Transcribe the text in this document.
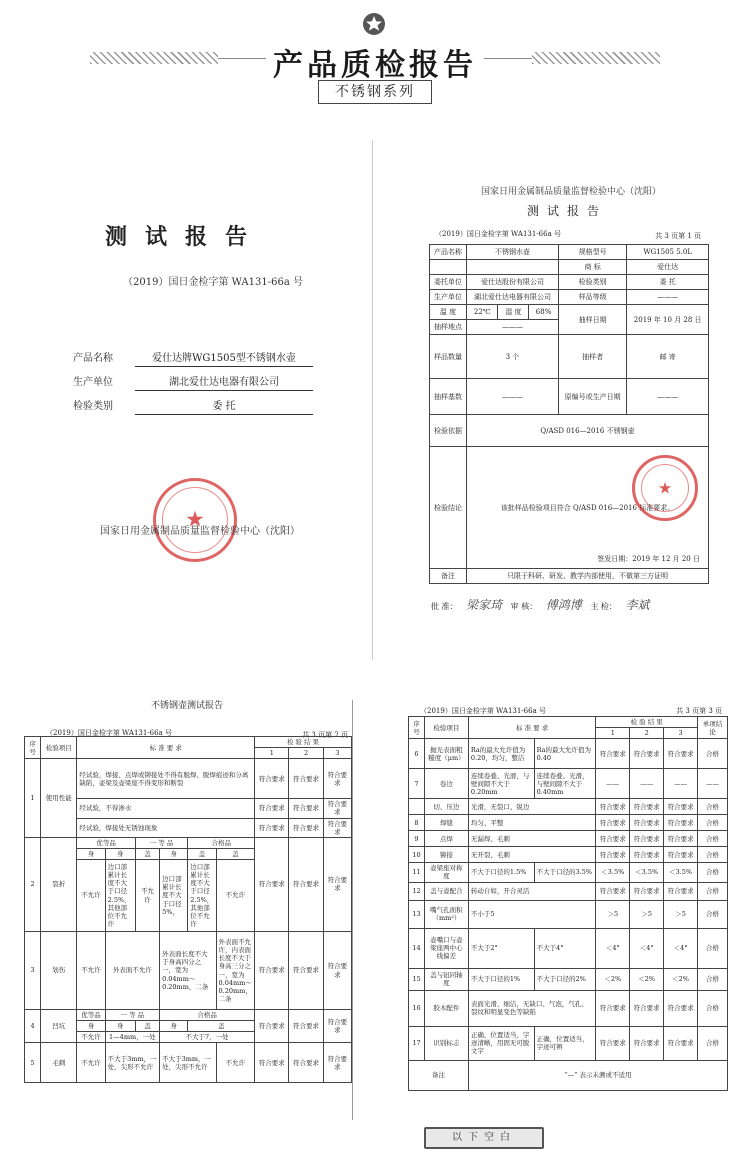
产品质检报告
不锈钢系列
测试报告
（2019）国日金检字第 WA131-66a 号
产品名称	爱仕达牌WG1505型不锈钢水壶
生产单位	湖北爱仕达电器有限公司
检验类别	委 托
★
国家日用金属制品质量监督检验中心（沈阳）
国家日用金属制品质量监督检验中心（沈阳）
测试报告
（2019）国日金检字第 WA131-66a 号	共 3 页第 1 页
产品名称	不锈钢水壶			规格型号	WG1505 5.0L
				商 标	爱仕达
委托单位	爱仕达股份有限公司			检验类别	委 托
生产单位	湖北爱仕达电器有限公司			样品等级	———
温 度	22℃	湿 度	68%	抽样日期	2019 年 10 月 28 日
抽样地点	———				
样品数量	3 个			抽样者	邮 寄
抽样基数	———			原编号或生产日期	———
检验依据	Q/ASD 016—2016 不锈钢壶				
检验结论	该批样品检验项目符合 Q/ASD 016—2016 标准要求。
签发日期：2019 年 12 月 20 日
★				

备注	只限于科研、研发、教学内部使用，不做第三方证明				
批 准： 梁家琦 审 核： 傅鸿博 主 检： 李斌
不锈钢壶测试报告
（2019）国日金检字第 WA131-66a 号	共 3 页第 2 页
序号	检验项目	标 准 要 求						检 验 结 果		
								1	2	3
1	使用性能	经试验，焊接、点焊或铆接处不得有脱焊、脱焊痕迹和分离缺陷，壶梁及壶梁座不得变形和断裂						符合要求	符合要求	符合要求
		经试验，不得渗水						符合要求	符合要求	符合要求
		经试验，焊接处无锈蚀现象						符合要求	符合要求	符合要求
2	裂折	优等品		一 等 品		合格品		符合要求	符合要求	符合要求
		身	身	盖	身	盖	盖			
		不允许	边口部累计长度不大于口径2.5%，其他部位不允许	不允许	边口部累计长度不大于口径5%，	边口部累计长度不大于口径2.5%，其他部位不允许	不允许			
3	划伤	不允许	外表面不允许		外表面长度不大于身高四分之一，宽为0.04mm～0.20mm，二条		外表面不允许，内表面长度不大于身高三分之一，宽为0.04mm～0.20mm，二条	符合要求	符合要求	符合要求
4	凹坑	优等品	一 等 品		合格品			符合要求	符合要求	符合要求
		身	身	盖	身	盖				
		不允许	1—4mm，一处		不大于7，一处					
5	毛刺	不允许	不大于3mm，一处，尖形不允许		不大于3mm，一处，尖形不允许		不允许	符合要求	符合要求	符合要求
（2019）国日金检字第 WA131-66a 号	共 3 页第 3 页
序号	检验项目	标 准 要 求		检 验 结 果			单项结论
				1	2	3	
6	抛光表面粗糙度（μm）	Ra的最大允许值为 0.20，均匀，整洁	Ra的最大允许值为 0.40	符合要求	符合要求	符合要求	合格
7	卷边	连续卷叠、光滑，与壁间隙不大于0.20mm	连续卷叠、光滑，与壁间隙不大于0.40mm	——	——	——	——
	切、压边	光滑，无裂口、锐边		符合要求	符合要求	符合要求	合格
8	焊缝	均匀、平整		符合要求	符合要求	符合要求	合格
9	点焊	无漏焊、毛刺		符合要求	符合要求	符合要求	合格
10	铆接	无开裂、毛刺		符合要求	符合要求	符合要求	合格
11	壶梁座对称度	不大于口径的1.5%	不大于口径的3.5%	＜3.5%	＜3.5%	＜3.5%	合格
12	盖与壶配合	转动自如，开合灵活		符合要求	符合要求	符合要求	合格
13	嘴气孔面积（mm²）	不小于5		＞5	＞5	＞5	合格
14	壶嘴口与壶梁座两中心线偏差	不大于2°	不大于4°	＜4°	＜4°	＜4°	合格
15	盖与钮同轴度	不大于口径的1%	不大于口径的2%	＜2%	＜2%	＜2%	合格
16	胶木配件	表面光滑、细洁，无缺口、气泡，气孔、裂纹和明显变色等缺陷		符合要求	符合要求	符合要求	合格
17	识别标志	正确，位置适当，字迹清晰，用固无可脱文字	正确，位置适当，字迹可辨	符合要求	符合要求	符合要求	合格
备注		“—” 表示未测或不适用					
以下空白
